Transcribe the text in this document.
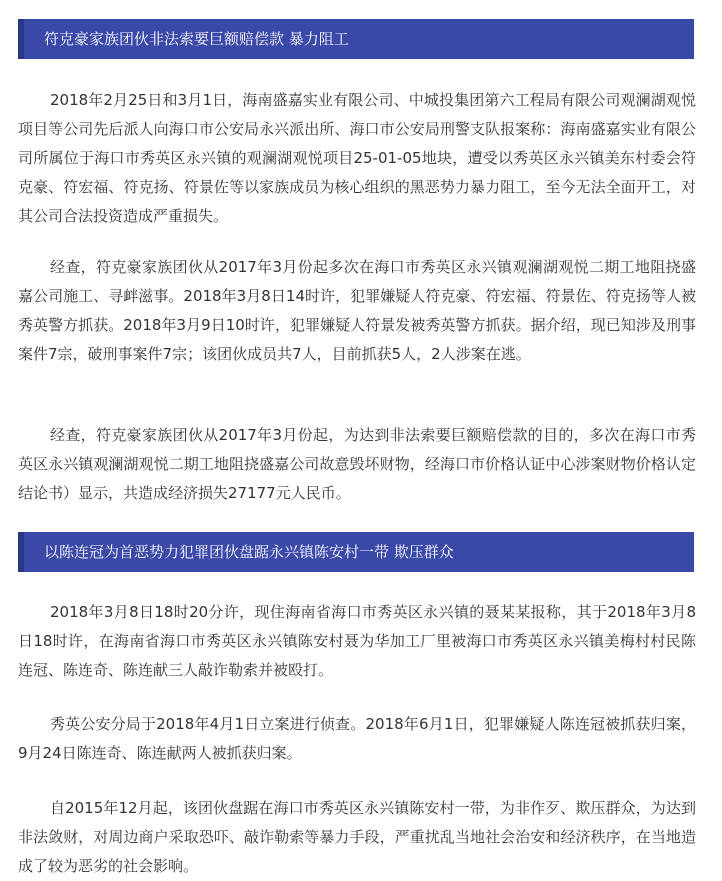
符克豪家族团伙非法索要巨额赔偿款 暴力阻工

2018年2月25日和3月1日，海南盛嘉实业有限公司、中城投集团第六工程局有限公司观澜湖观悦项目等公司先后派人向海口市公安局永兴派出所、海口市公安局刑警支队报案称：海南盛嘉实业有限公司所属位于海口市秀英区永兴镇的观澜湖观悦项目25-01-05地块，遭受以秀英区永兴镇美东村委会符克豪、符宏福、符克扬、符景佐等以家族成员为核心组织的黑恶势力暴力阻工，至今无法全面开工，对其公司合法投资造成严重损失。

经查，符克豪家族团伙从2017年3月份起多次在海口市秀英区永兴镇观澜湖观悦二期工地阻挠盛嘉公司施工、寻衅滋事。2018年3月8日14时许，犯罪嫌疑人符克豪、符宏福、符景佐、符克扬等人被秀英警方抓获。2018年3月9日10时许，犯罪嫌疑人符景发被秀英警方抓获。据介绍，现已知涉及刑事案件7宗，破刑事案件7宗；该团伙成员共7人，目前抓获5人，2人涉案在逃。

经查，符克豪家族团伙从2017年3月份起，为达到非法索要巨额赔偿款的目的，多次在海口市秀英区永兴镇观澜湖观悦二期工地阻挠盛嘉公司故意毁坏财物，经海口市价格认证中心涉案财物价格认定结论书）显示，共造成经济损失27177元人民币。

以陈连冠为首恶势力犯罪团伙盘踞永兴镇陈安村一带 欺压群众

2018年3月8日18时20分许，现住海南省海口市秀英区永兴镇的聂某某报称，其于2018年3月8日18时许，在海南省海口市秀英区永兴镇陈安村聂为华加工厂里被海口市秀英区永兴镇美梅村村民陈连冠、陈连奇、陈连献三人敲诈勒索并被殴打。

秀英公安分局于2018年4月1日立案进行侦查。2018年6月1日，犯罪嫌疑人陈连冠被抓获归案，9月24日陈连奇、陈连献两人被抓获归案。

自2015年12月起，该团伙盘踞在海口市秀英区永兴镇陈安村一带，为非作歹、欺压群众，为达到非法敛财，对周边商户采取恐吓、敲诈勒索等暴力手段，严重扰乱当地社会治安和经济秩序，在当地造成了较为恶劣的社会影响。
